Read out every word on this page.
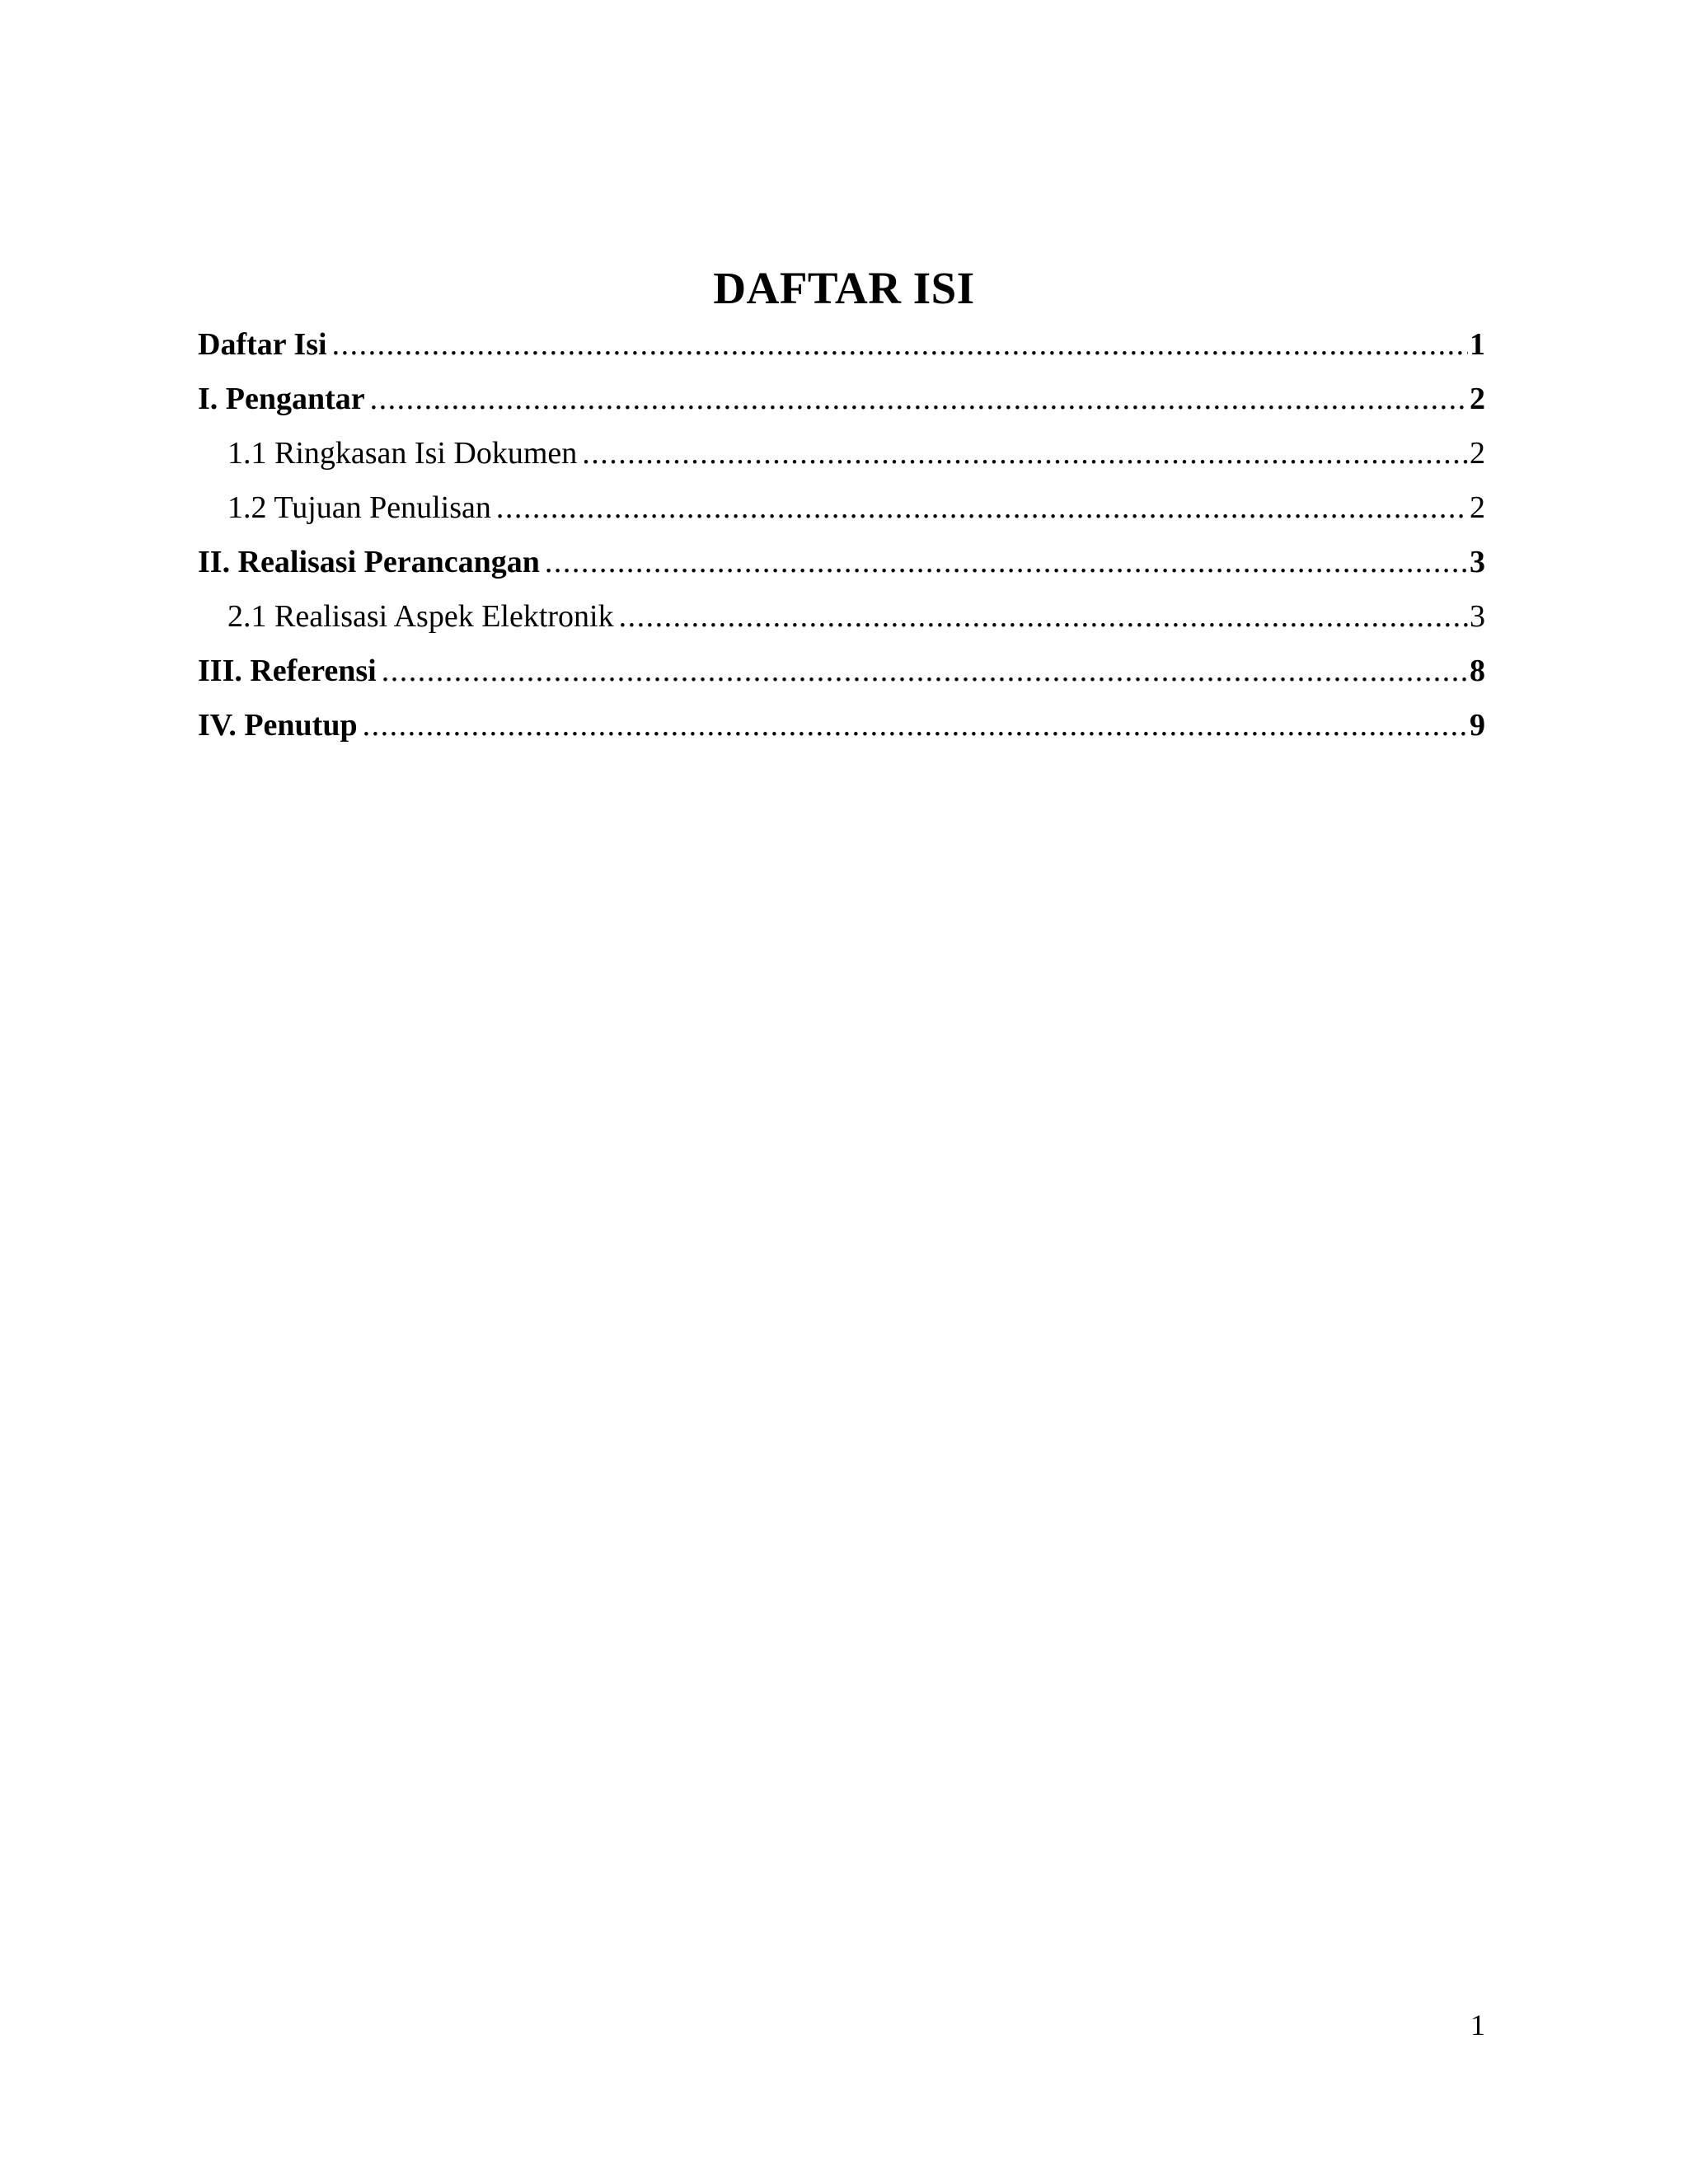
DAFTAR ISI
Daftar Isi .....	1
I. Pengantar .....	2
1.1 Ringkasan Isi Dokumen .....	2
1.2 Tujuan Penulisan .....	2
II. Realisasi Perancangan .....	3
2.1 Realisasi Aspek Elektronik .....	3
III. Referensi .....	8
IV. Penutup .....	9
1
